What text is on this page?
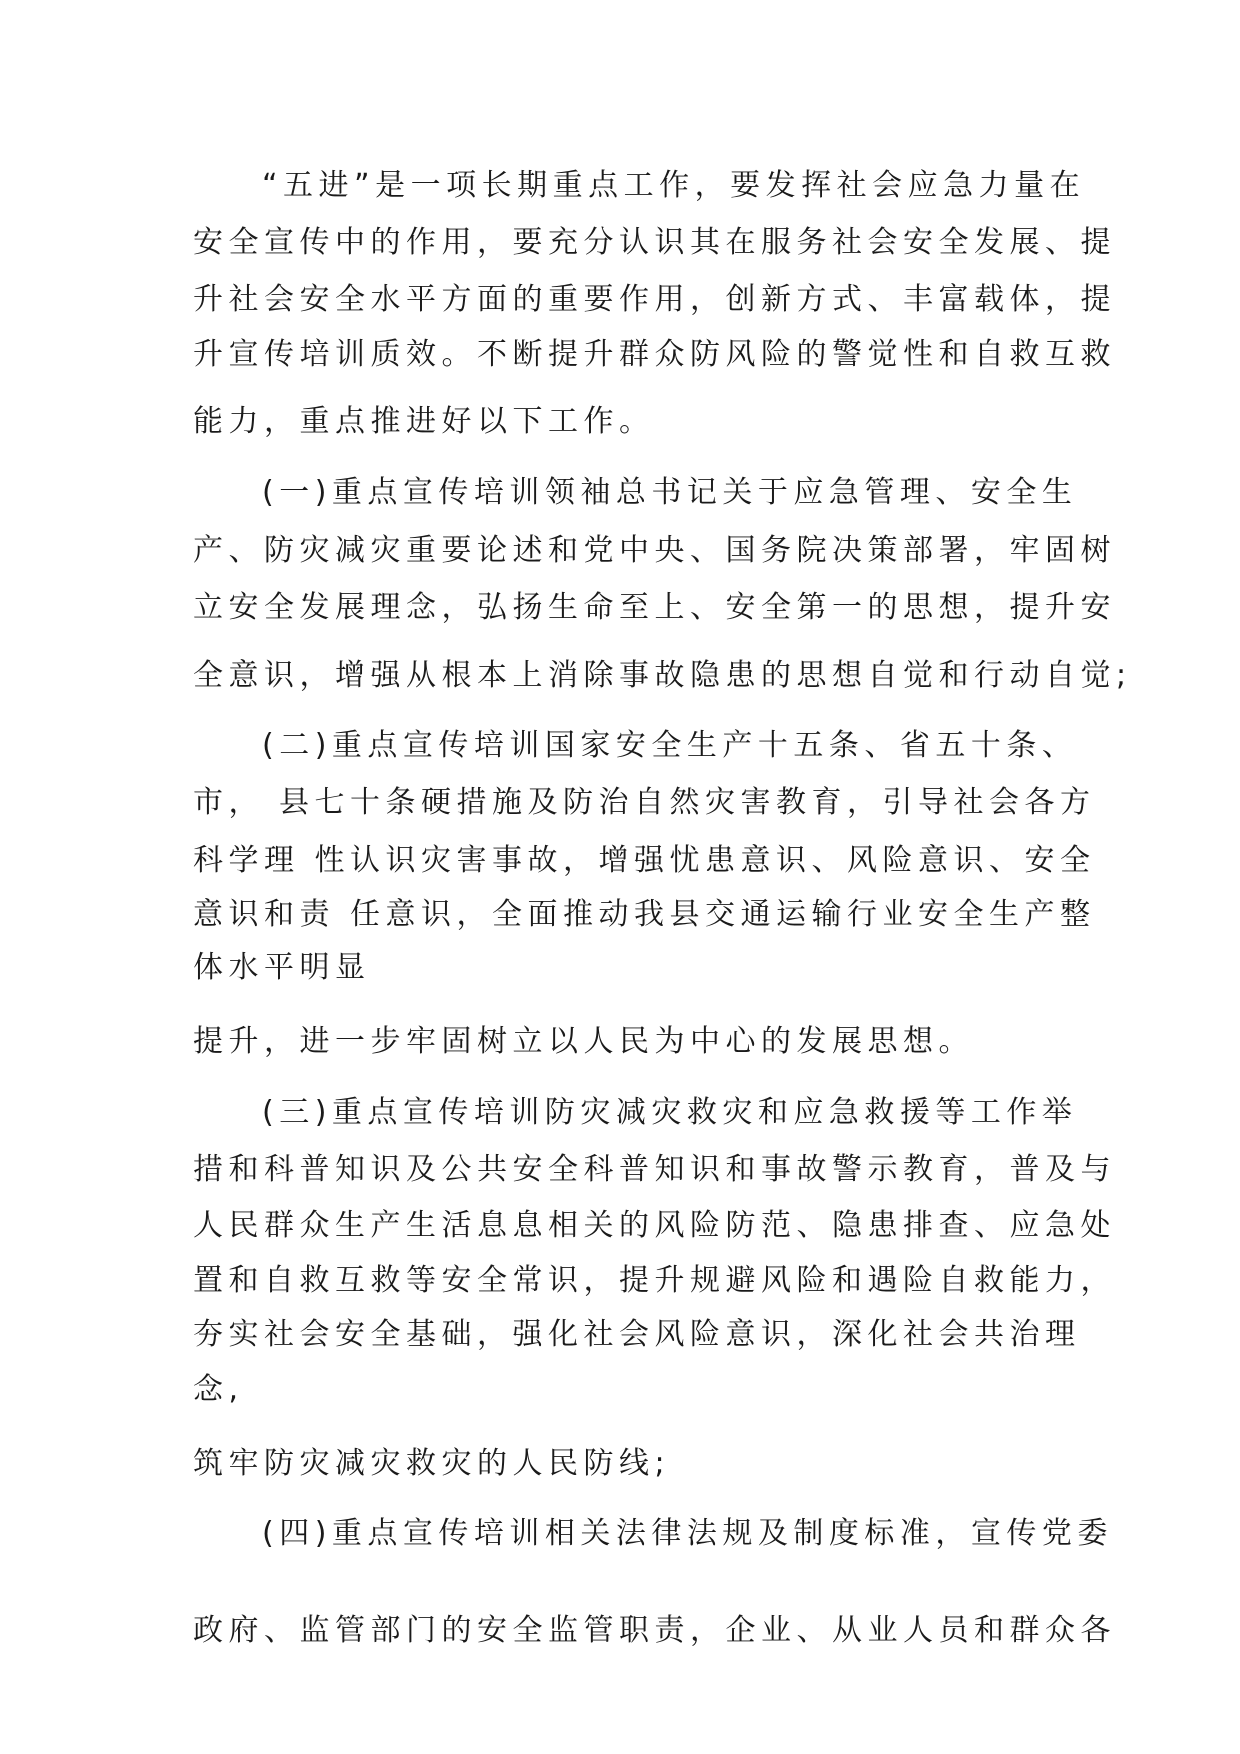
“五进”是一项长期重点工作，要发挥社会应急力量在

安全宣传中的作用，要充分认识其在服务社会安全发展、提

升社会安全水平方面的重要作用，创新方式、丰富载体，提

升宣传培训质效。不断提升群众防风险的警觉性和自救互救

能力，重点推进好以下工作。

(一)重点宣传培训领袖总书记关于应急管理、安全生

产、防灾减灾重要论述和党中央、国务院决策部署，牢固树

立安全发展理念，弘扬生命至上、安全第一的思想，提升安

全意识，增强从根本上消除事故隐患的思想自觉和行动自觉;

(二)重点宣传培训国家安全生产十五条、省五十条、

市， 县七十条硬措施及防治自然灾害教育，引导社会各方

科学理 性认识灾害事故，增强忧患意识、风险意识、安全

意识和责 任意识，全面推动我县交通运输行业安全生产整

体水平明显

提升，进一步牢固树立以人民为中心的发展思想。

(三)重点宣传培训防灾减灾救灾和应急救援等工作举

措和科普知识及公共安全科普知识和事故警示教育，普及与

人民群众生产生活息息相关的风险防范、隐患排查、应急处

置和自救互救等安全常识，提升规避风险和遇险自救能力，

夯实社会安全基础，强化社会风险意识，深化社会共治理

念,

筑牢防灾减灾救灾的人民防线;

(四)重点宣传培训相关法律法规及制度标准，宣传党委

政府、监管部门的安全监管职责，企业、从业人员和群众各
